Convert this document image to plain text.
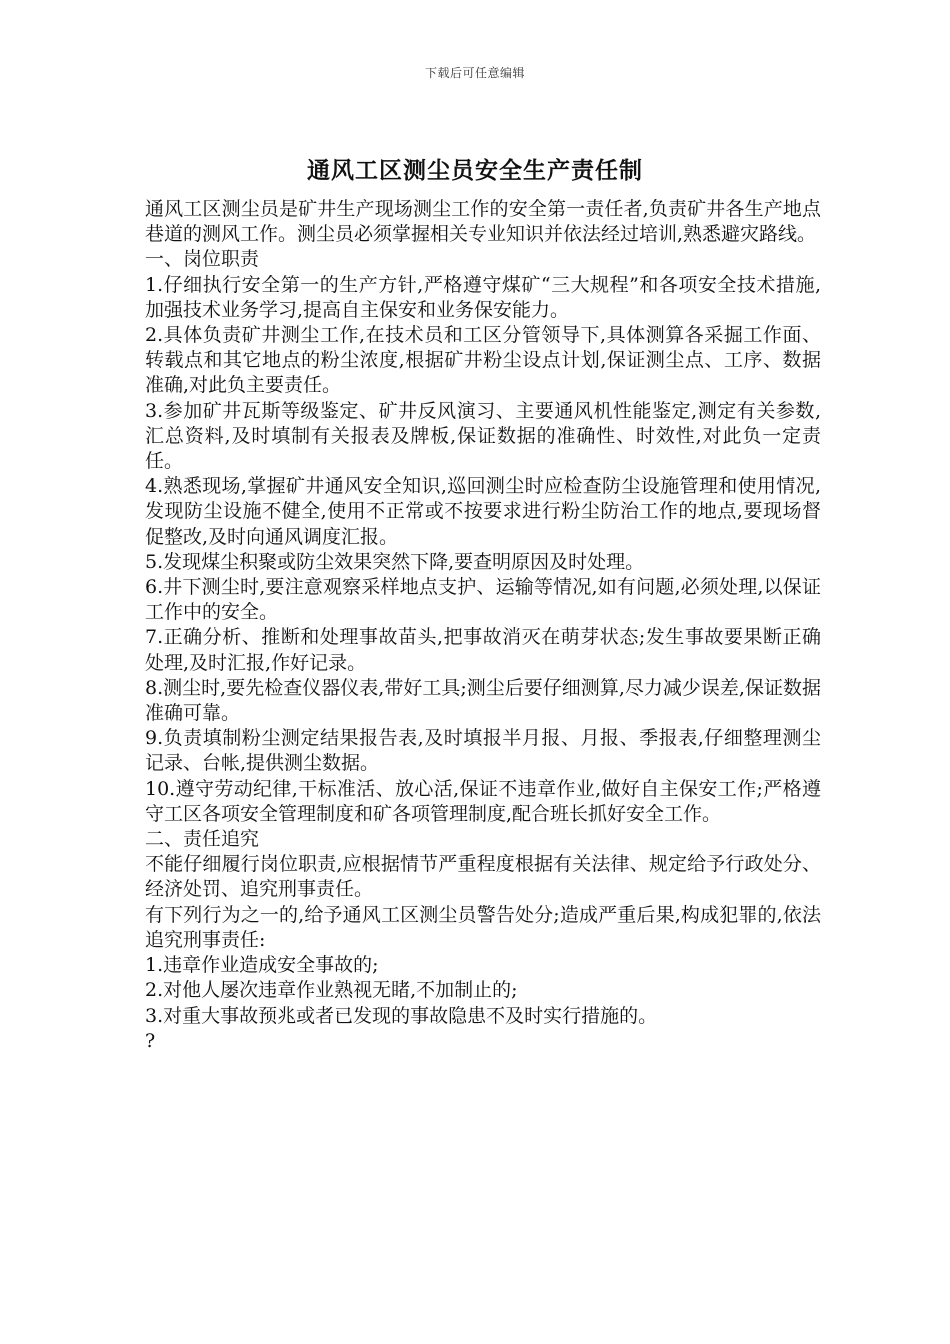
下载后可任意编辑
通风工区测尘员安全生产责任制

通风工区测尘员是矿井生产现场测尘工作的安全第一责任者,负责矿井各生产地点巷道的测风工作。测尘员必须掌握相关专业知识并依法经过培训,熟悉避灾路线。

一、岗位职责

1.仔细执行安全第一的生产方针,严格遵守煤矿“三大规程”和各项安全技术措施,加强技术业务学习,提高自主保安和业务保安能力。

2.具体负责矿井测尘工作,在技术员和工区分管领导下,具体测算各采掘工作面、转载点和其它地点的粉尘浓度,根据矿井粉尘设点计划,保证测尘点、工序、数据准确,对此负主要责任。

3.参加矿井瓦斯等级鉴定、矿井反风演习、主要通风机性能鉴定,测定有关参数,汇总资料,及时填制有关报表及牌板,保证数据的准确性、时效性,对此负一定责任。

4.熟悉现场,掌握矿井通风安全知识,巡回测尘时应检查防尘设施管理和使用情况,发现防尘设施不健全,使用不正常或不按要求进行粉尘防治工作的地点,要现场督促整改,及时向通风调度汇报。

5.发现煤尘积聚或防尘效果突然下降,要查明原因及时处理。

6.井下测尘时,要注意观察采样地点支护、运输等情况,如有问题,必须处理,以保证工作中的安全。

7.正确分析、推断和处理事故苗头,把事故消灭在萌芽状态;发生事故要果断正确处理,及时汇报,作好记录。

8.测尘时,要先检查仪器仪表,带好工具;测尘后要仔细测算,尽力减少误差,保证数据准确可靠。

9.负责填制粉尘测定结果报告表,及时填报半月报、月报、季报表,仔细整理测尘记录、台帐,提供测尘数据。

10.遵守劳动纪律,干标准活、放心活,保证不违章作业,做好自主保安工作;严格遵守工区各项安全管理制度和矿各项管理制度,配合班长抓好安全工作。

二、责任追究

不能仔细履行岗位职责,应根据情节严重程度根据有关法律、规定给予行政处分、经济处罚、追究刑事责任。

有下列行为之一的,给予通风工区测尘员警告处分;造成严重后果,构成犯罪的,依法追究刑事责任:

1.违章作业造成安全事故的;

2.对他人屡次违章作业熟视无睹,不加制止的;

3.对重大事故预兆或者已发现的事故隐患不及时实行措施的。

?
